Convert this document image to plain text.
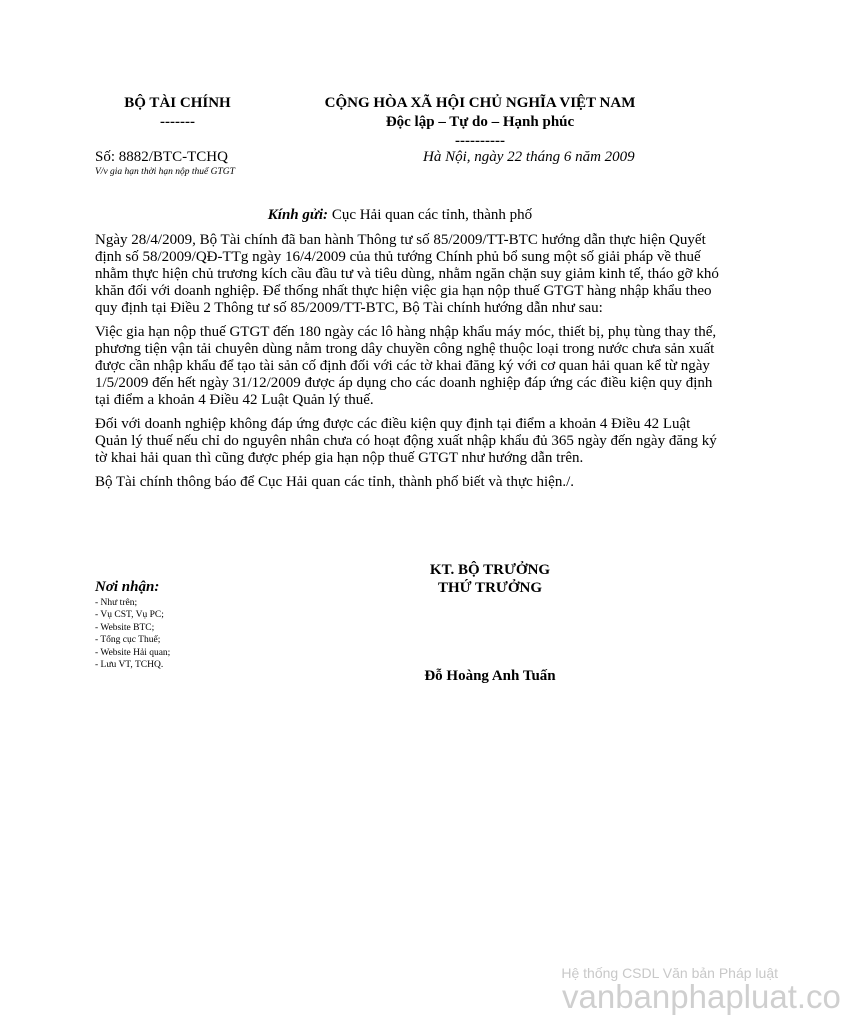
BỘ TÀI CHÍNH
-------
CỘNG HÒA XÃ HỘI CHỦ NGHĨA VIỆT NAM
Độc lập – Tự do – Hạnh phúc
----------
Số: 8882/BTC-TCHQ
V/v gia hạn thời hạn nộp thuế GTGT
Hà Nội, ngày 22 tháng 6 năm 2009
Kính gửi: Cục Hải quan các tỉnh, thành phố

Ngày 28/4/2009, Bộ Tài chính đã ban hành Thông tư số 85/2009/TT-BTC hướng dẫn thực hiện Quyết định số 58/2009/QĐ-TTg ngày 16/4/2009 của thủ tướng Chính phủ bổ sung một số giải pháp về thuế nhằm thực hiện chủ trương kích cầu đầu tư và tiêu dùng, nhằm ngăn chặn suy giảm kinh tế, tháo gỡ khó khăn đối với doanh nghiệp. Để thống nhất thực hiện việc gia hạn nộp thuế GTGT hàng nhập khẩu theo quy định tại Điều 2 Thông tư số 85/2009/TT-BTC, Bộ Tài chính hướng dẫn như sau:

Việc gia hạn nộp thuế GTGT đến 180 ngày các lô hàng nhập khẩu máy móc, thiết bị, phụ tùng thay thế, phương tiện vận tải chuyên dùng nằm trong dây chuyền công nghệ thuộc loại trong nước chưa sản xuất được cần nhập khẩu để tạo tài sản cố định đối với các tờ khai đăng ký với cơ quan hải quan kể từ ngày 1/5/2009 đến hết ngày 31/12/2009 được áp dụng cho các doanh nghiệp đáp ứng các điều kiện quy định tại điểm a khoản 4 Điều 42 Luật Quản lý thuế.

Đối với doanh nghiệp không đáp ứng được các điều kiện quy định tại điểm a khoản 4 Điều 42 Luật Quản lý thuế nếu chỉ do nguyên nhân chưa có hoạt động xuất nhập khẩu đủ 365 ngày đến ngày đăng ký tờ khai hải quan thì cũng được phép gia hạn nộp thuế GTGT như hướng dẫn trên.

Bộ Tài chính thông báo để Cục Hải quan các tỉnh, thành phố biết và thực hiện./.

KT. BỘ TRƯỞNG
THỨ TRƯỞNG
Đỗ Hoàng Anh Tuấn
Nơi nhận:
- Như trên;
- Vụ CST, Vụ PC;
- Website BTC;
- Tổng cục Thuế;
- Website Hải quan;
- Lưu VT, TCHQ.
Hệ thống CSDL Văn bản Pháp luật
vanbanphapluat.co
